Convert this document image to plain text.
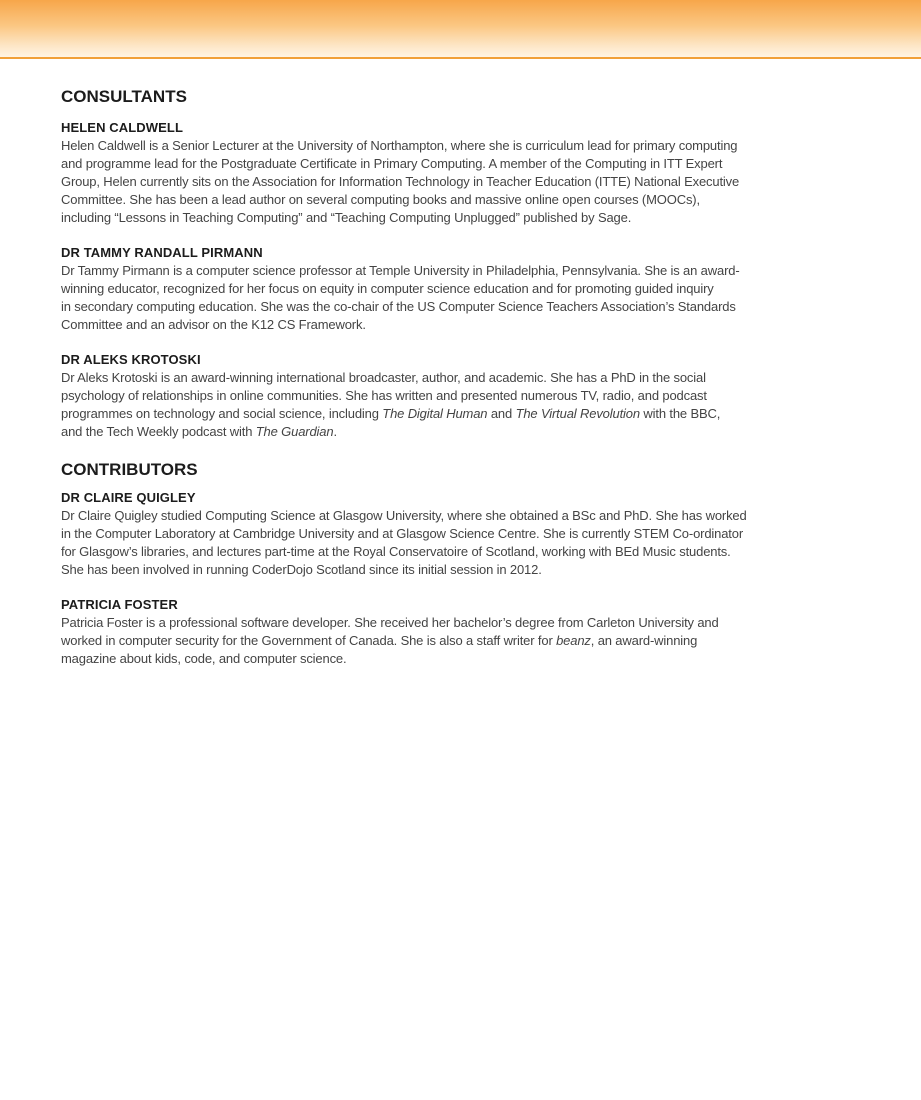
CONSULTANTS

HELEN CALDWELL

Helen Caldwell is a Senior Lecturer at the University of Northampton, where she is curriculum lead for primary computing
and programme lead for the Postgraduate Certificate in Primary Computing. A member of the Computing in ITT Expert
Group, Helen currently sits on the Association for Information Technology in Teacher Education (ITTE) National Executive
Committee. She has been a lead author on several computing books and massive online open courses (MOOCs),
including “Lessons in Teaching Computing” and “Teaching Computing Unplugged” published by Sage.

DR TAMMY RANDALL PIRMANN

Dr Tammy Pirmann is a computer science professor at Temple University in Philadelphia, Pennsylvania. She is an award-
winning educator, recognized for her focus on equity in computer science education and for promoting guided inquiry
in secondary computing education. She was the co-chair of the US Computer Science Teachers Association’s Standards
Committee and an advisor on the K12 CS Framework.

DR ALEKS KROTOSKI

Dr Aleks Krotoski is an award-winning international broadcaster, author, and academic. She has a PhD in the social
psychology of relationships in online communities. She has written and presented numerous TV, radio, and podcast
programmes on technology and social science, including The Digital Human and The Virtual Revolution with the BBC,
and the Tech Weekly podcast with The Guardian.

CONTRIBUTORS

DR CLAIRE QUIGLEY

Dr Claire Quigley studied Computing Science at Glasgow University, where she obtained a BSc and PhD. She has worked
in the Computer Laboratory at Cambridge University and at Glasgow Science Centre. She is currently STEM Co-ordinator
for Glasgow’s libraries, and lectures part-time at the Royal Conservatoire of Scotland, working with BEd Music students.
She has been involved in running CoderDojo Scotland since its initial session in 2012.

PATRICIA FOSTER

Patricia Foster is a professional software developer. She received her bachelor’s degree from Carleton University and
worked in computer security for the Government of Canada. She is also a staff writer for beanz, an award-winning
magazine about kids, code, and computer science.
